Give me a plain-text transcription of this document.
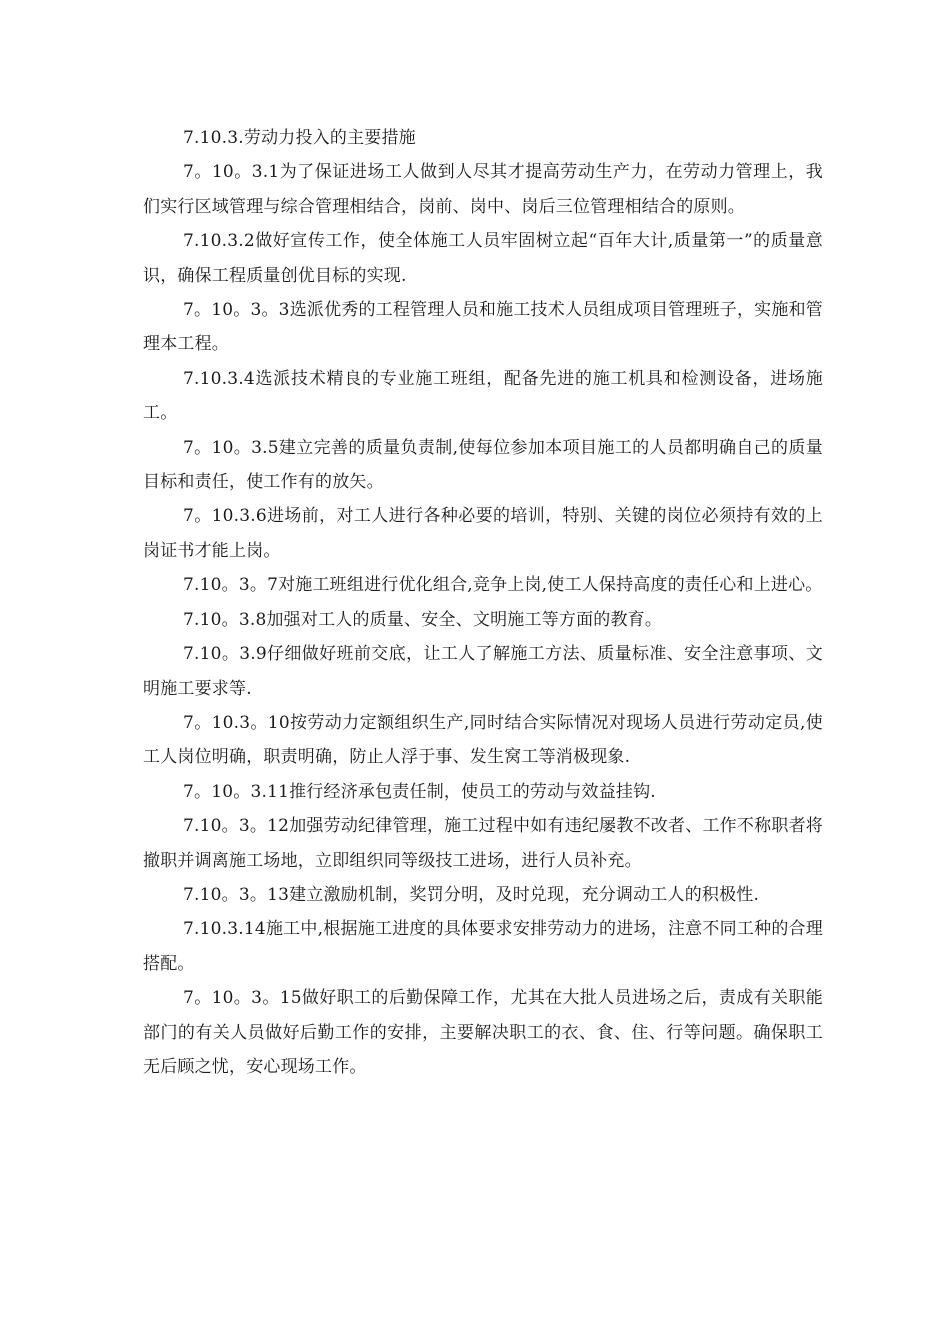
7.10.3.劳动力投入的主要措施

7。10。3.1为了保证进场工人做到人尽其才提高劳动生产力，在劳动力管理上，我们实行区域管理与综合管理相结合，岗前、岗中、岗后三位管理相结合的原则。

7.10.3.2做好宣传工作，使全体施工人员牢固树立起“百年大计,质量第一”的质量意识，确保工程质量创优目标的实现.

7。10。3。3选派优秀的工程管理人员和施工技术人员组成项目管理班子，实施和管理本工程。

7.10.3.4选派技术精良的专业施工班组，配备先进的施工机具和检测设备，进场施工。

7。10。3.5建立完善的质量负责制,使每位参加本项目施工的人员都明确自己的质量目标和责任，使工作有的放矢。

7。10.3.6进场前，对工人进行各种必要的培训，特别、关键的岗位必须持有效的上岗证书才能上岗。

7.10。3。7对施工班组进行优化组合,竞争上岗,使工人保持高度的责任心和上进心。

7.10。3.8加强对工人的质量、安全、文明施工等方面的教育。

7.10。3.9仔细做好班前交底，让工人了解施工方法、质量标准、安全注意事项、文明施工要求等.

7。10.3。10按劳动力定额组织生产,同时结合实际情况对现场人员进行劳动定员,使工人岗位明确，职责明确，防止人浮于事、发生窝工等消极现象.

7。10。3.11推行经济承包责任制，使员工的劳动与效益挂钩.

7.10。3。12加强劳动纪律管理，施工过程中如有违纪屡教不改者、工作不称职者将撤职并调离施工场地，立即组织同等级技工进场，进行人员补充。

7.10。3。13建立激励机制，奖罚分明，及时兑现，充分调动工人的积极性.

7.10.3.14施工中,根据施工进度的具体要求安排劳动力的进场，注意不同工种的合理搭配。

7。10。3。15做好职工的后勤保障工作，尤其在大批人员进场之后，责成有关职能部门的有关人员做好后勤工作的安排，主要解决职工的衣、食、住、行等问题。确保职工无后顾之忧，安心现场工作。
